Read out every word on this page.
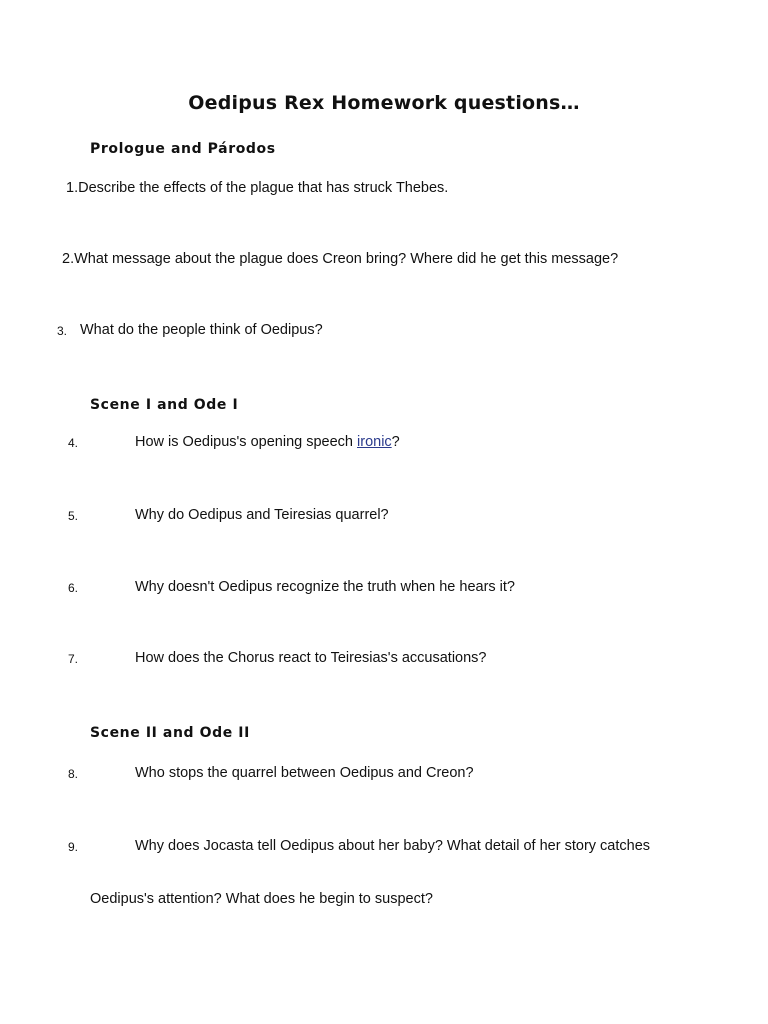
Oedipus Rex Homework questions…
Prologue and Párodos
1.Describe the effects of the plague that has struck Thebes.
2.What message about the plague does Creon bring? Where did he get this message?
3. What do the people think of Oedipus?
Scene I and Ode I
4.	How is Oedipus's opening speech ironic?
5.	Why do Oedipus and Teiresias quarrel?
6.	Why doesn't Oedipus recognize the truth when he hears it?
7.	How does the Chorus react to Teiresias's accusations?
Scene II and Ode II
8.	Who stops the quarrel between Oedipus and Creon?
9.	Why does Jocasta tell Oedipus about her baby? What detail of her story catches
Oedipus's attention? What does he begin to suspect?
